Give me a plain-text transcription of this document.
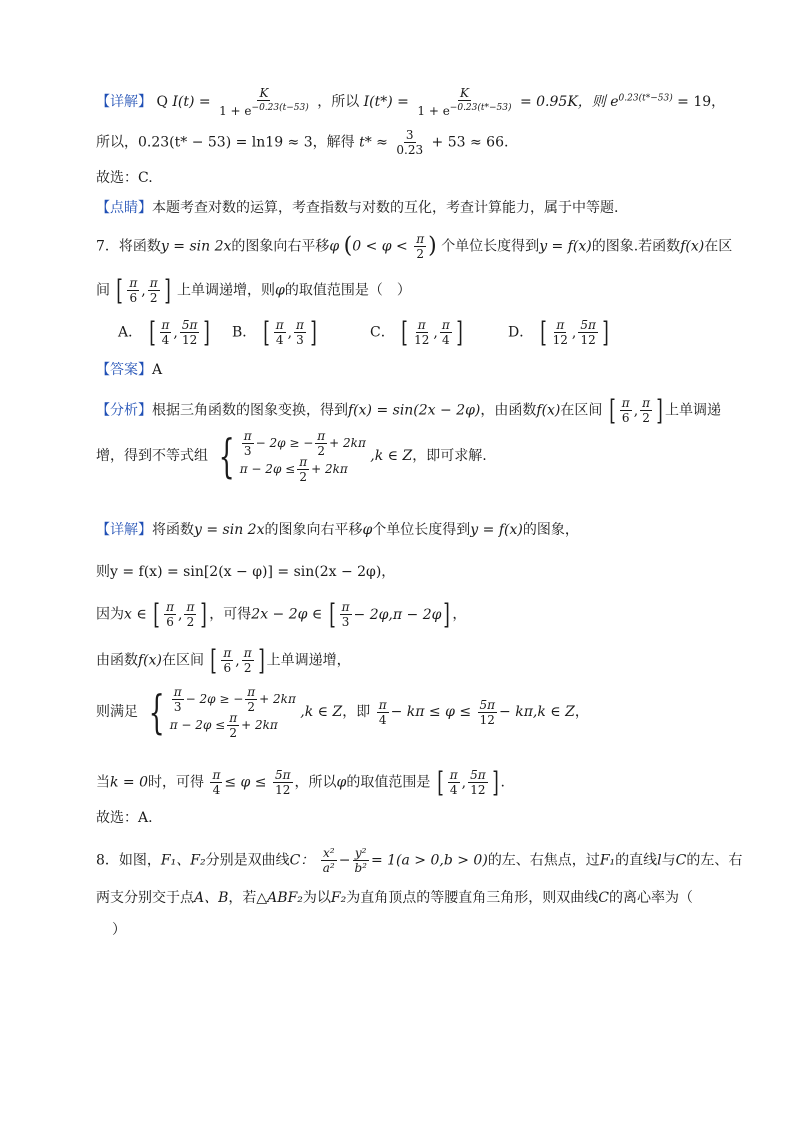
【详解】 Q $I(t) = \frac{K}{1 + e^{-0.23(t-53)}}$ ，所以 $I(t*) = \frac{K}{1 + e^{-0.23(t*-53)}} = 0.95K$，则 $e^{0.23(t*-53)} = 19$，
所以，0.23(t* − 53) = ln19 ≈ 3，解得 $t* \approx \frac{3}{0.23} + 53 \approx 66$.
故选：C.
【点睛】本题考查对数的运算，考查指数与对数的互化，考查计算能力，属于中等题.
7．将函数y = sin 2x的图象向右平移φ ($0 < \varphi < \frac{\pi}{2}$ ) 个单位长度得到y = f(x)的图象.若函数f(x)在区
间 [ $\frac{\pi}{6}$ , $\frac{\pi}{2}$ ] 上单调递增，则φ的取值范围是（　）
A． [ $\frac{\pi}{4}$ , $\frac{5\pi}{12}$ ] B． [ $\frac{\pi}{4}$ , $\frac{\pi}{3}$ ]	C． [ $\frac{\pi}{12}$ , $\frac{\pi}{4}$ ]	D． [ $\frac{\pi}{12}$ , $\frac{5\pi}{12}$ ]
【答案】A
【分析】根据三角函数的图象变换，得到f(x) = sin(2x − 2φ)，由函数f(x)在区间 [ $\frac{\pi}{6}$ , $\frac{\pi}{2}$ ] 上单调递
增，得到不等式组 { $\frac{\pi}{3} - 2\varphi$ ≥ − $\frac{\pi}{2} + 2k\pi$
$\pi - 2\varphi \le \frac{\pi}{2} + 2k\pi$
,k ∈ Z，即可求解.
【详解】将函数y = sin 2x的图象向右平移φ个单位长度得到y = f(x)的图象，
则y = f(x) = sin[2(x − φ)] = sin(2x − 2φ)，
因为x ∈ [ $\frac{\pi}{6}$ , $\frac{\pi}{2}$ ] ，可得2x − 2φ ∈ [ $\frac{\pi}{3} - 2\varphi,\pi - 2\varphi$ ] ，
由函数f(x)在区间 [ $\frac{\pi}{6}$ , $\frac{\pi}{2}$ ] 上单调递增，
则满足 { $\frac{\pi}{3} - 2\varphi$ ≥ − $\frac{\pi}{2} + 2k\pi$
$\pi - 2\varphi \le \frac{\pi}{2} + 2k\pi$
,k ∈ Z，即 $\frac{\pi}{4} - k\pi \le \varphi \le \frac{5\pi}{12} - k\pi,k$ ∈ Z，
当k = 0时，可得 $\frac{\pi}{4} \le \varphi \le \frac{5\pi}{12}$ ，所以φ的取值范围是 [ $\frac{\pi}{4}$ , $\frac{5\pi}{12}$ ] .
故选：A.
8．如图，F₁、F₂分别是双曲线C： $\frac{\text{x²}}{\text{a²}} - \frac{\text{y²}}{\text{b²}} = 1(a > 0,b > 0)$的左、右焦点，过F₁的直线l与C的左、右
两支分别交于点A、B，若△ABF₂为以F₂为直角顶点的等腰直角三角形，则双曲线C的离心率为（
）
